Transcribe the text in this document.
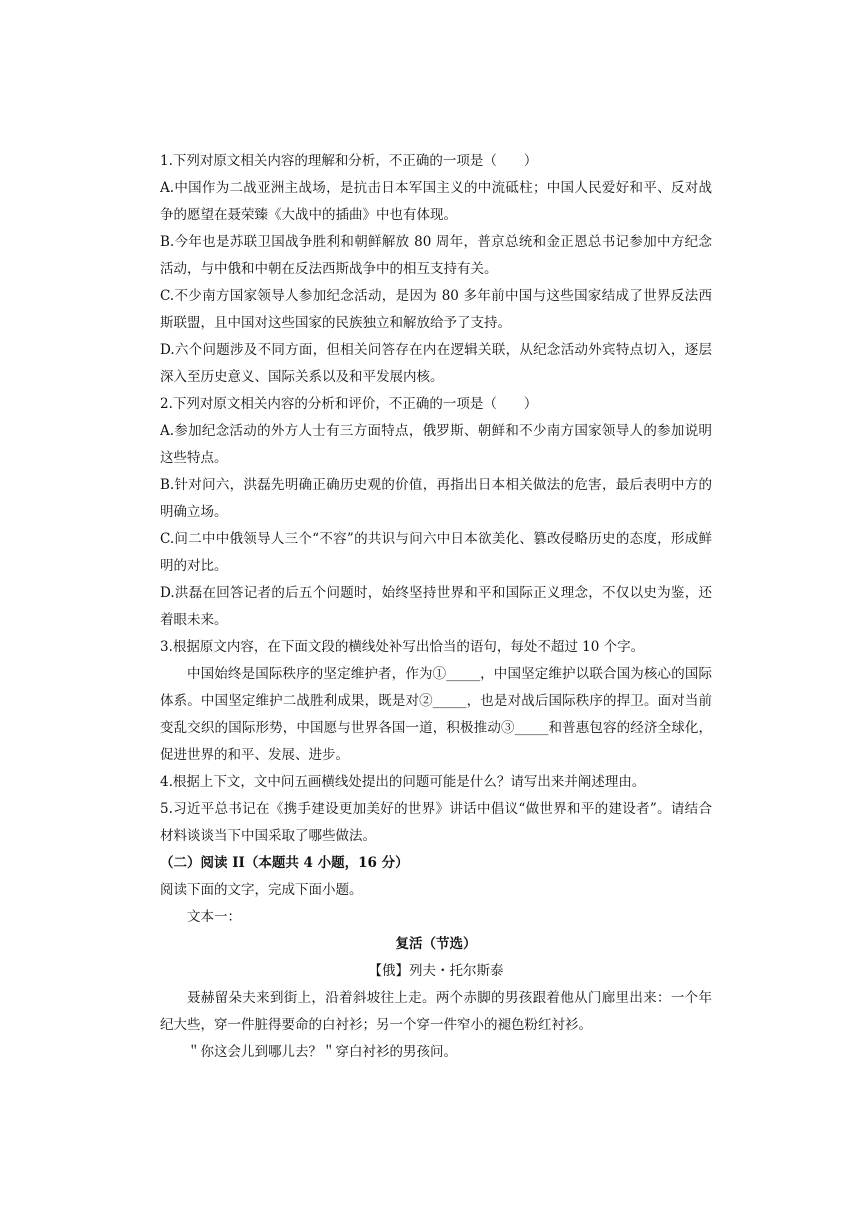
1.下列对原文相关内容的理解和分析，不正确的一项是（　　）

A.中国作为二战亚洲主战场，是抗击日本军国主义的中流砥柱；中国人民爱好和平、反对战争的愿望在聂荣臻《大战中的插曲》中也有体现。

B.今年也是苏联卫国战争胜利和朝鲜解放 80 周年，普京总统和金正恩总书记参加中方纪念活动，与中俄和中朝在反法西斯战争中的相互支持有关。

C.不少南方国家领导人参加纪念活动，是因为 80 多年前中国与这些国家结成了世界反法西斯联盟，且中国对这些国家的民族独立和解放给予了支持。

D.六个问题涉及不同方面，但相关问答存在内在逻辑关联，从纪念活动外宾特点切入，逐层深入至历史意义、国际关系以及和平发展内核。

2.下列对原文相关内容的分析和评价，不正确的一项是（　　）

A.参加纪念活动的外方人士有三方面特点，俄罗斯、朝鲜和不少南方国家领导人的参加说明这些特点。

B.针对问六，洪磊先明确正确历史观的价值，再指出日本相关做法的危害，最后表明中方的明确立场。

C.问二中中俄领导人三个“不容”的共识与问六中日本欲美化、篡改侵略历史的态度，形成鲜明的对比。

D.洪磊在回答记者的后五个问题时，始终坚持世界和平和国际正义理念，不仅以史为鉴，还着眼未来。

3.根据原文内容，在下面文段的横线处补写出恰当的语句，每处不超过 10 个字。

中国始终是国际秩序的坚定维护者，作为①_____，中国坚定维护以联合国为核心的国际体系。中国坚定维护二战胜利成果，既是对②_____，也是对战后国际秩序的捍卫。面对当前变乱交织的国际形势，中国愿与世界各国一道，积极推动③_____和普惠包容的经济全球化，促进世界的和平、发展、进步。

4.根据上下文，文中问五画横线处提出的问题可能是什么？请写出来并阐述理由。

5.习近平总书记在《携手建设更加美好的世界》讲话中倡议“做世界和平的建设者”。请结合材料谈谈当下中国采取了哪些做法。

（二）阅读 II（本题共 4 小题，16 分）

阅读下面的文字，完成下面小题。

文本一：

复活（节选）

【俄】列夫・托尔斯泰

聂赫留朵夫来到街上，沿着斜坡往上走。两个赤脚的男孩跟着他从门廊里出来：一个年纪大些，穿一件脏得要命的白衬衫；另一个穿一件窄小的褪色粉红衬衫。

＂你这会儿到哪儿去？＂穿白衬衫的男孩问。
